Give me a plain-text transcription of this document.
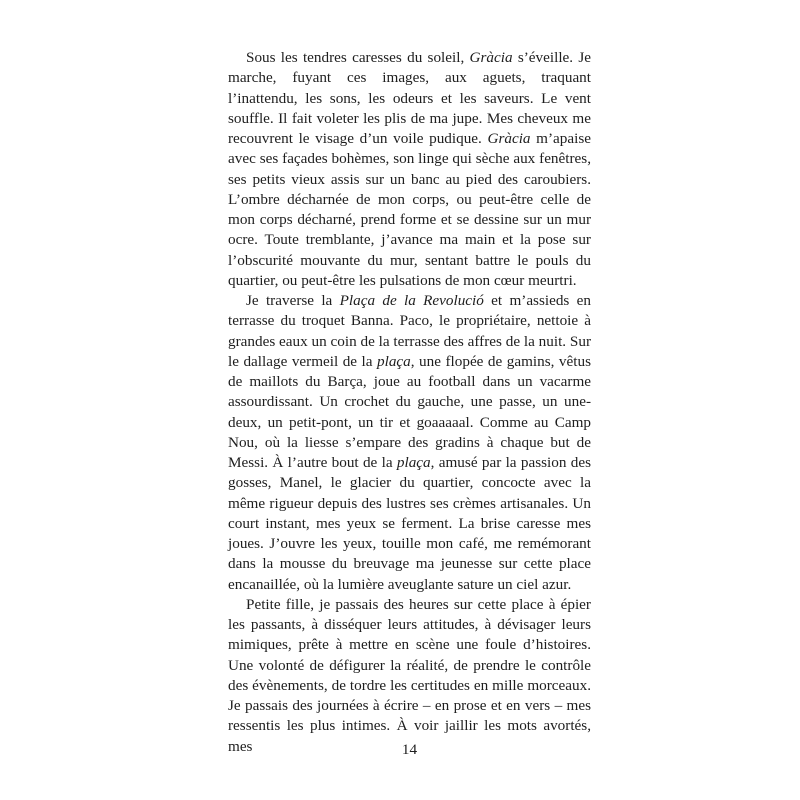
Sous les tendres caresses du soleil, Gràcia s’éveille. Je marche, fuyant ces images, aux aguets, traquant l’inattendu, les sons, les odeurs et les saveurs. Le vent souffle. Il fait voleter les plis de ma jupe. Mes cheveux me recouvrent le visage d’un voile pudique. Gràcia m’apaise avec ses façades bohèmes, son linge qui sèche aux fenêtres, ses petits vieux assis sur un banc au pied des caroubiers. L’ombre décharnée de mon corps, ou peut-être celle de mon corps décharné, prend forme et se dessine sur un mur ocre. Toute tremblante, j’avance ma main et la pose sur l’obscurité mouvante du mur, sentant battre le pouls du quartier, ou peut-être les pulsations de mon cœur meurtri.

Je traverse la Plaça de la Revolució et m’assieds en terrasse du troquet Banna. Paco, le propriétaire, nettoie à grandes eaux un coin de la terrasse des affres de la nuit. Sur le dallage vermeil de la plaça, une flopée de gamins, vêtus de maillots du Barça, joue au football dans un vacarme assourdissant. Un crochet du gauche, une passe, un une-deux, un petit-pont, un tir et goaaaaal. Comme au Camp Nou, où la liesse s’empare des gradins à chaque but de Messi. À l’autre bout de la plaça, amusé par la passion des gosses, Manel, le glacier du quartier, concocte avec la même rigueur depuis des lustres ses crèmes artisanales. Un court instant, mes yeux se ferment. La brise caresse mes joues. J’ouvre les yeux, touille mon café, me remémorant dans la mousse du breuvage ma jeunesse sur cette place encanaillée, où la lumière aveuglante sature un ciel azur.

Petite fille, je passais des heures sur cette place à épier les passants, à disséquer leurs attitudes, à dévisager leurs mimiques, prête à mettre en scène une foule d’histoires. Une volonté de défigurer la réalité, de prendre le contrôle des évènements, de tordre les certitudes en mille morceaux. Je passais des journées à écrire – en prose et en vers – mes ressentis les plus intimes. À voir jaillir les mots avortés, mes	14
